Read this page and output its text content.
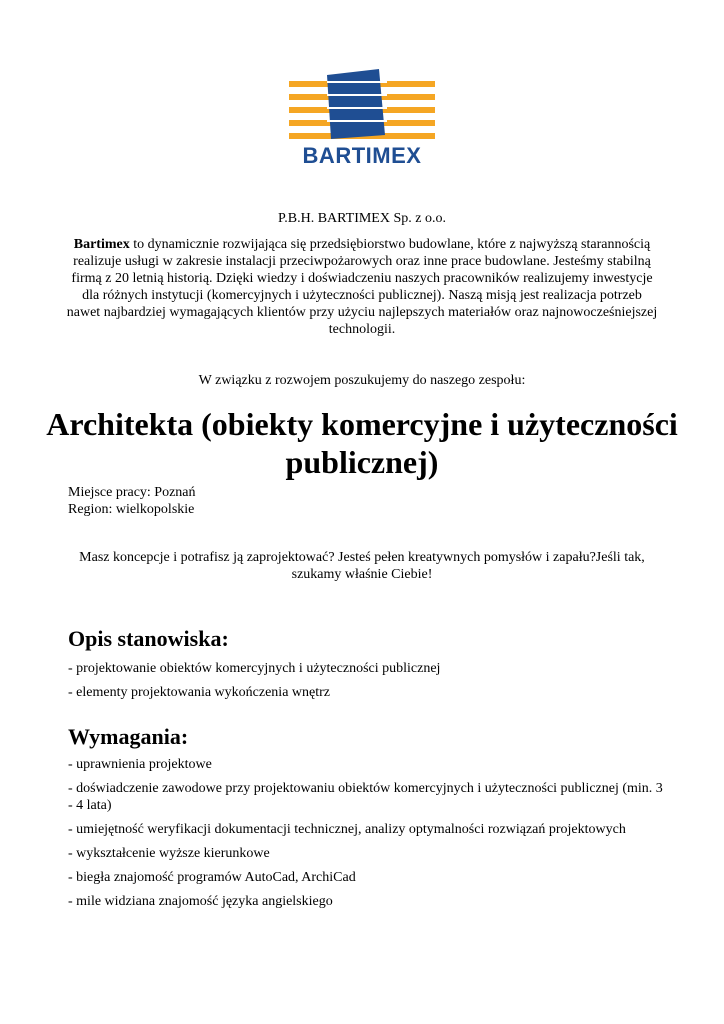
BARTIMEX
P.B.H. BARTIMEX Sp. z o.o.
Bartimex to dynamicznie rozwijająca się przedsiębiorstwo budowlane, które z najwyższą starannością realizuje usługi w zakresie instalacji przeciwpożarowych oraz inne prace budowlane. Jesteśmy stabilną firmą z 20 letnią historią. Dzięki wiedzy i doświadczeniu naszych pracowników realizujemy inwestycje dla różnych instytucji (komercyjnych i użyteczności publicznej). Naszą misją jest realizacja potrzeb nawet najbardziej wymagających klientów przy użyciu najlepszych materiałów oraz najnowocześniejszej technologii.
W związku z rozwojem poszukujemy do naszego zespołu:
Architekta (obiekty komercyjne i użyteczności publicznej)
Miejsce pracy: Poznań
Region: wielkopolskie
Masz koncepcje i potrafisz ją zaprojektować? Jesteś pełen kreatywnych pomysłów i zapału?Jeśli tak, szukamy właśnie Ciebie!
Opis stanowiska:
- projektowanie obiektów komercyjnych i użyteczności publicznej
- elementy projektowania wykończenia wnętrz
Wymagania:
- uprawnienia projektowe
- doświadczenie zawodowe przy projektowaniu obiektów komercyjnych i użyteczności publicznej (min. 3 - 4 lata)
- umiejętność weryfikacji dokumentacji technicznej, analizy optymalności rozwiązań projektowych
- wykształcenie wyższe kierunkowe
- biegła znajomość programów AutoCad, ArchiCad
- mile widziana znajomość języka angielskiego
